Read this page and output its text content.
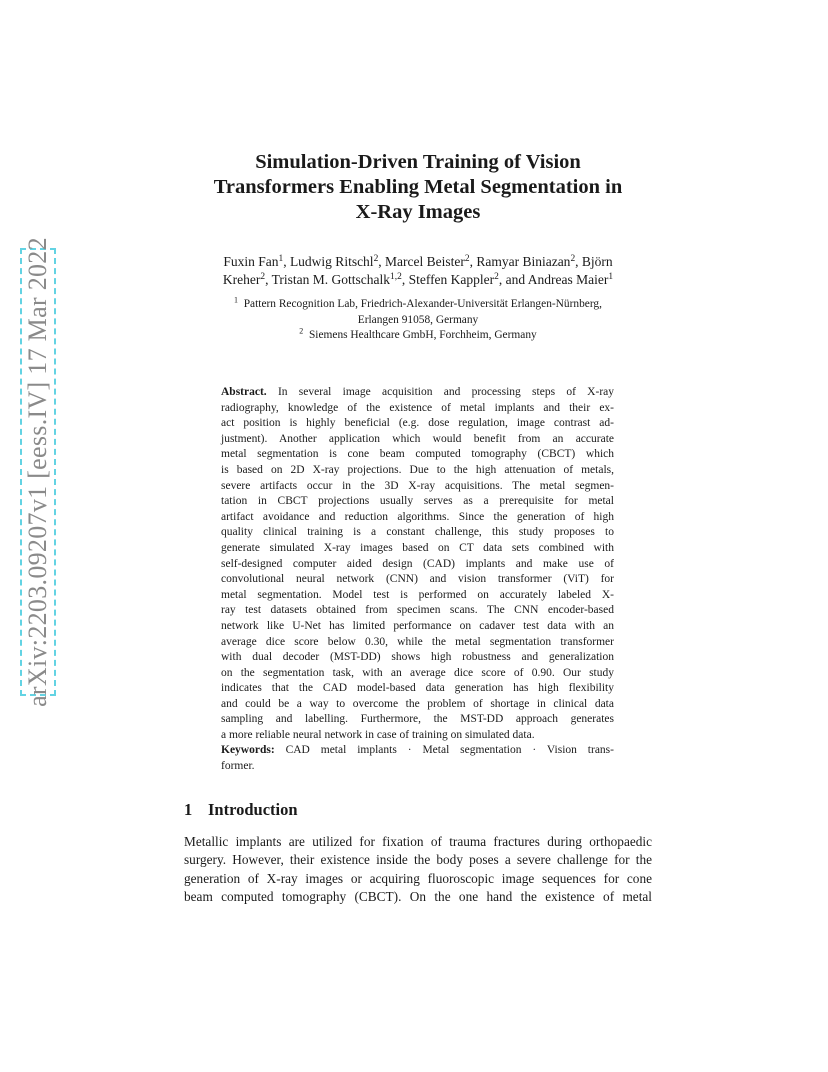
arXiv:2203.09207v1 [eess.IV] 17 Mar 2022
Simulation-Driven Training of Vision
Transformers Enabling Metal Segmentation in
X-Ray Images
Fuxin Fan$^1$, Ludwig Ritschl$^2$, Marcel Beister$^2$, Ramyar Biniazan$^2$, Björn
Kreher$^2$, Tristan M. Gottschalk$^{1,2}$, Steffen Kappler$^2$, and Andreas Maier$^1$
$^1$ Pattern Recognition Lab, Friedrich-Alexander-Universität Erlangen-Nürnberg,
Erlangen 91058, Germany
$^2$ Siemens Healthcare GmbH, Forchheim, Germany
Abstract. In several image acquisition and processing steps of X-ray
radiography, knowledge of the existence of metal implants and their ex-
act position is highly beneficial (e.g. dose regulation, image contrast ad-
justment). Another application which would benefit from an accurate
metal segmentation is cone beam computed tomography (CBCT) which
is based on 2D X-ray projections. Due to the high attenuation of metals,
severe artifacts occur in the 3D X-ray acquisitions. The metal segmen-
tation in CBCT projections usually serves as a prerequisite for metal
artifact avoidance and reduction algorithms. Since the generation of high
quality clinical training is a constant challenge, this study proposes to
generate simulated X-ray images based on CT data sets combined with
self-designed computer aided design (CAD) implants and make use of
convolutional neural network (CNN) and vision transformer (ViT) for
metal segmentation. Model test is performed on accurately labeled X-
ray test datasets obtained from specimen scans. The CNN encoder-based
network like U-Net has limited performance on cadaver test data with an
average dice score below 0.30, while the metal segmentation transformer
with dual decoder (MST-DD) shows high robustness and generalization
on the segmentation task, with an average dice score of 0.90. Our study
indicates that the CAD model-based data generation has high flexibility
and could be a way to overcome the problem of shortage in clinical data
sampling and labelling. Furthermore, the MST-DD approach generates
a more reliable neural network in case of training on simulated data.
Keywords: CAD metal implants · Metal segmentation · Vision trans-
former.
1 Introduction
Metallic implants are utilized for fixation of trauma fractures during orthopaedic
surgery. However, their existence inside the body poses a severe challenge for the
generation of X-ray images or acquiring fluoroscopic image sequences for cone
beam computed tomography (CBCT). On the one hand the existence of metal
